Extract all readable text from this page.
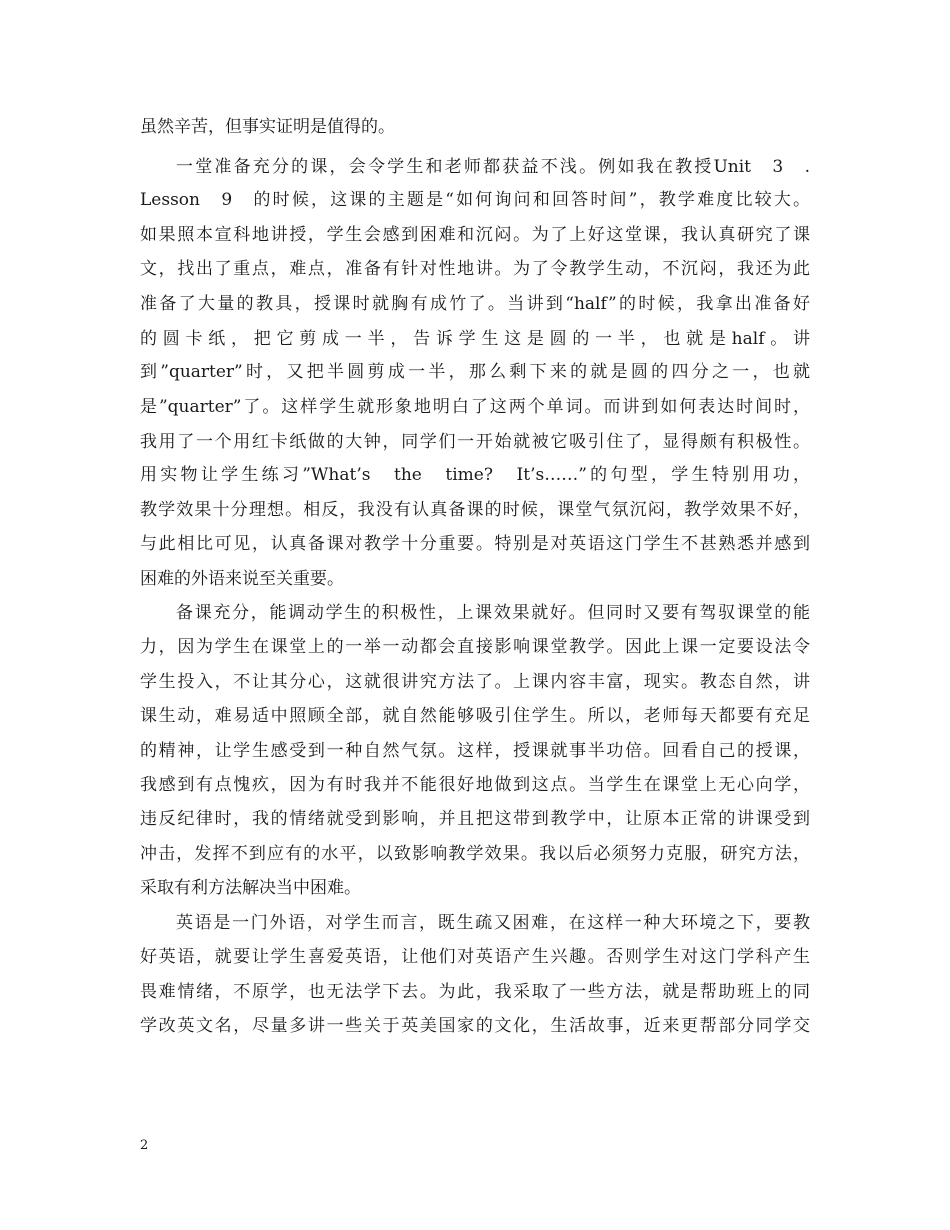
虽然辛苦，但事实证明是值得的。
一堂准备充分的课，会令学生和老师都获益不浅。例如我在教授Unit　3　.
Lesson　9　的时候，这课的主题是“如何询问和回答时间”，教学难度比较大。
如果照本宣科地讲授，学生会感到困难和沉闷。为了上好这堂课，我认真研究了课
文，找出了重点，难点，准备有针对性地讲。为了令教学生动，不沉闷，我还为此
准备了大量的教具，授课时就胸有成竹了。当讲到“half”的时候，我拿出准备好
的圆卡纸，把它剪成一半，告诉学生这是圆的一半，也就是half。讲
到”quarter”时，又把半圆剪成一半，那么剩下来的就是圆的四分之一，也就
是”quarter”了。这样学生就形象地明白了这两个单词。而讲到如何表达时间时，
我用了一个用红卡纸做的大钟，同学们一开始就被它吸引住了，显得颇有积极性。
用实物让学生练习”What’s　the　time?　It’s……”的句型，学生特别用功，
教学效果十分理想。相反，我没有认真备课的时候，课堂气氛沉闷，教学效果不好，
与此相比可见，认真备课对教学十分重要。特别是对英语这门学生不甚熟悉并感到
困难的外语来说至关重要。
备课充分，能调动学生的积极性，上课效果就好。但同时又要有驾驭课堂的能
力，因为学生在课堂上的一举一动都会直接影响课堂教学。因此上课一定要设法令
学生投入，不让其分心，这就很讲究方法了。上课内容丰富，现实。教态自然，讲
课生动，难易适中照顾全部，就自然能够吸引住学生。所以，老师每天都要有充足
的精神，让学生感受到一种自然气氛。这样，授课就事半功倍。回看自己的授课，
我感到有点愧疚，因为有时我并不能很好地做到这点。当学生在课堂上无心向学，
违反纪律时，我的情绪就受到影响，并且把这带到教学中，让原本正常的讲课受到
冲击，发挥不到应有的水平，以致影响教学效果。我以后必须努力克服，研究方法，
采取有利方法解决当中困难。
英语是一门外语，对学生而言，既生疏又困难，在这样一种大环境之下，要教
好英语，就要让学生喜爱英语，让他们对英语产生兴趣。否则学生对这门学科产生
畏难情绪，不原学，也无法学下去。为此，我采取了一些方法，就是帮助班上的同
学改英文名，尽量多讲一些关于英美国家的文化，生活故事，近来更帮部分同学交
2
